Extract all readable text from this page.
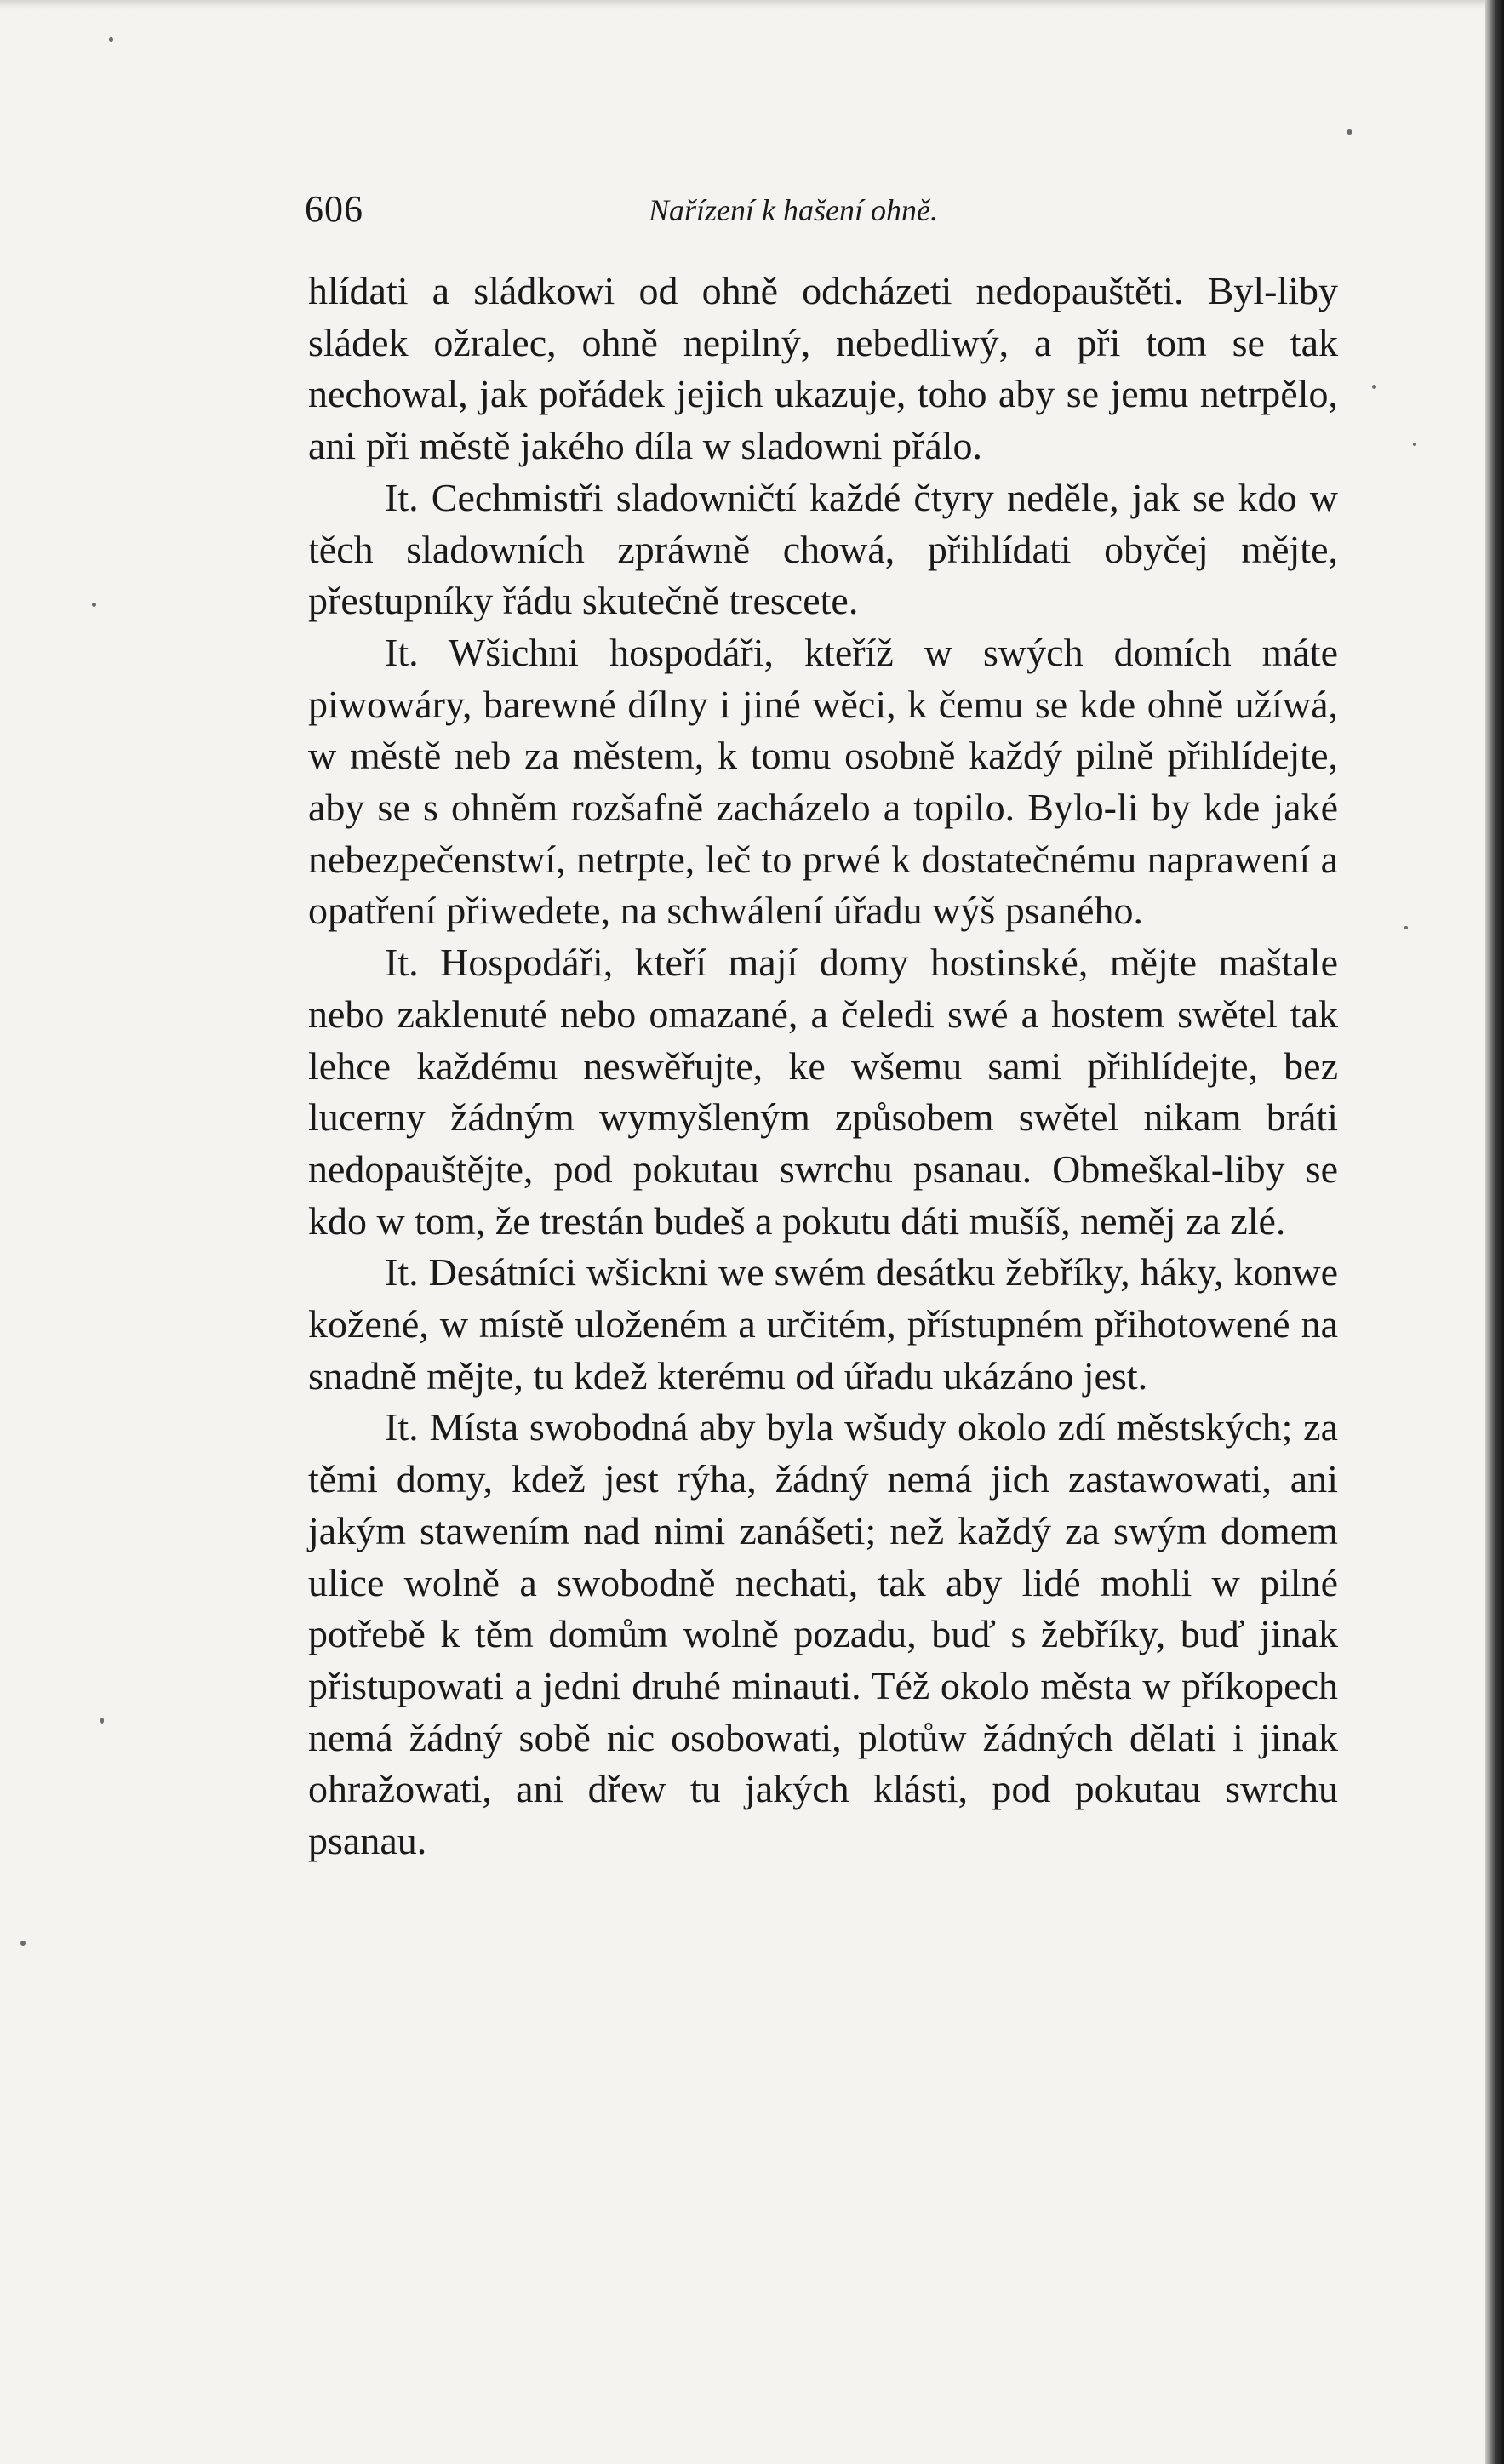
606	Nařízení k hašení ohně.

hlídati a sládkowi od ohně odcházeti nedopauštěti. Byl-liby sládek ožralec, ohně nepilný, nebedliwý, a při tom se tak nechowal, jak pořádek jejich ukazuje, toho aby se jemu netrpělo, ani při městě jakého díla w sladowni přálo.

It. Cechmistři sladowničtí každé čtyry neděle, jak se kdo w těch sladowních zpráwně chowá, přihlídati obyčej mějte, přestupníky řádu skutečně trescete.

It. Wšichni hospodáři, kteříž w swých domích máte piwowáry, barewné dílny i jiné wěci, k čemu se kde ohně užíwá, w městě neb za městem, k tomu osobně každý pilně přihlídejte, aby se s ohněm rozšafně zacházelo a topilo. Bylo-li by kde jaké nebezpečenstwí, netrpte, leč to prwé k dostatečnému naprawení a opatření přiwedete, na schwálení úřadu wýš psaného.

It. Hospodáři, kteří mají domy hostinské, mějte maštale nebo zaklenuté nebo omazané, a čeledi swé a hostem swětel tak lehce každému neswěřujte, ke wšemu sami přihlídejte, bez lucerny žádným wymyšleným způsobem swětel nikam bráti nedopauštějte, pod pokutau swrchu psanau. Obmeškal-liby se kdo w tom, že trestán budeš a pokutu dáti mušíš, neměj za zlé.

It. Desátníci wšickni we swém desátku žebříky, háky, konwe kožené, w místě uloženém a určitém, přístupném přihotowené na snadně mějte, tu kdež kterému od úřadu ukázáno jest.

It. Místa swobodná aby byla wšudy okolo zdí městských; za těmi domy, kdež jest rýha, žádný nemá jich zastawowati, ani jakým stawením nad nimi zanášeti; než každý za swým domem ulice wolně a swobodně nechati, tak aby lidé mohli w pilné potřebě k těm domům wolně pozadu, buď s žebříky, buď jinak přistupowati a jedni druhé minauti. Též okolo města w příkopech nemá žádný sobě nic osobowati, plotůw žádných dělati i jinak ohražowati, ani dřew tu jakých klásti, pod pokutau swrchu psanau.
